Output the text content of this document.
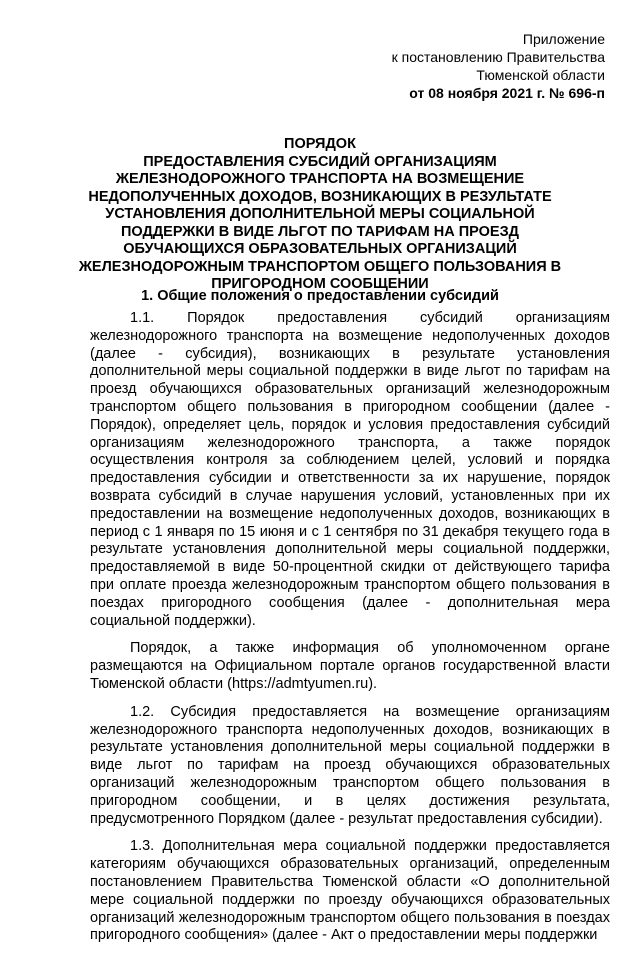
Приложение
к постановлению Правительства
Тюменской области
от 08 ноября 2021 г. № 696-п
ПОРЯДОК
ПРЕДОСТАВЛЕНИЯ СУБСИДИЙ ОРГАНИЗАЦИЯМ ЖЕЛЕЗНОДОРОЖНОГО ТРАНСПОРТА НА ВОЗМЕЩЕНИЕ НЕДОПОЛУЧЕННЫХ ДОХОДОВ, ВОЗНИКАЮЩИХ В РЕЗУЛЬТАТЕ УСТАНОВЛЕНИЯ ДОПОЛНИТЕЛЬНОЙ МЕРЫ СОЦИАЛЬНОЙ ПОДДЕРЖКИ В ВИДЕ ЛЬГОТ ПО ТАРИФАМ НА ПРОЕЗД ОБУЧАЮЩИХСЯ ОБРАЗОВАТЕЛЬНЫХ ОРГАНИЗАЦИЙ ЖЕЛЕЗНОДОРОЖНЫМ ТРАНСПОРТОМ ОБЩЕГО ПОЛЬЗОВАНИЯ В ПРИГОРОДНОМ СООБЩЕНИИ
1. Общие положения о предоставлении субсидий

1.1. Порядок предоставления субсидий организациям железнодорожного транспорта на возмещение недополученных доходов (далее - субсидия), возникающих в результате установления дополнительной меры социальной поддержки в виде льгот по тарифам на проезд обучающихся образовательных организаций железнодорожным транспортом общего пользования в пригородном сообщении (далее - Порядок), определяет цель, порядок и условия предоставления субсидий организациям железнодорожного транспорта, а также порядок осуществления контроля за соблюдением целей, условий и порядка предоставления субсидии и ответственности за их нарушение, порядок возврата субсидий в случае нарушения условий, установленных при их предоставлении на возмещение недополученных доходов, возникающих в период с 1 января по 15 июня и с 1 сентября по 31 декабря текущего года в результате установления дополнительной меры социальной поддержки, предоставляемой в виде 50-процентной скидки от действующего тарифа при оплате проезда железнодорожным транспортом общего пользования в поездах пригородного сообщения (далее - дополнительная мера социальной поддержки).

Порядок, а также информация об уполномоченном органе размещаются на Официальном портале органов государственной власти Тюменской области (https://admtyumen.ru).

1.2. Субсидия предоставляется на возмещение организациям железнодорожного транспорта недополученных доходов, возникающих в результате установления дополнительной меры социальной поддержки в виде льгот по тарифам на проезд обучающихся образовательных организаций железнодорожным транспортом общего пользования в пригородном сообщении, и в целях достижения результата, предусмотренного Порядком (далее - результат предоставления субсидии).

1.3. Дополнительная мера социальной поддержки предоставляется категориям обучающихся образовательных организаций, определенным постановлением Правительства Тюменской области «О дополнительной мере социальной поддержки по проезду обучающихся образовательных организаций железнодорожным транспортом общего пользования в поездах пригородного сообщения» (далее - Акт о предоставлении меры поддержки
